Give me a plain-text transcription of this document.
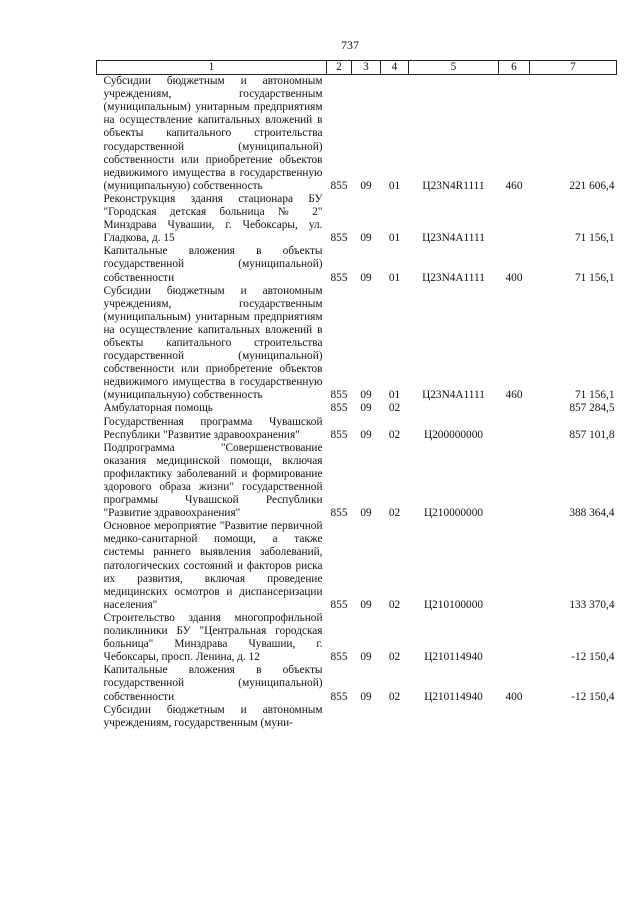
737
1	2	3	4	5	6	7
Субсидии бюджетным и автономным учреждениям, государственным (муниципальным) унитарным предприятиям на осуществление капитальных вложений в объекты капитального строительства государственной (муниципальной) собственности или приобретение объектов недвижимого имущества в государственную (муниципальную) собственность	855	09	01	Ц23N4R1111	460	221 606,4
Реконструкция здания стационара БУ "Городская детская больница № 2" Минздрава Чувашии, г. Чебоксары, ул. Гладкова, д. 15	855	09	01	Ц23N4A1111		71 156,1
Капитальные вложения в объекты государственной (муниципальной) собственности	855	09	01	Ц23N4A1111	400	71 156,1
Субсидии бюджетным и автономным учреждениям, государственным (муниципальным) унитарным предприятиям на осуществление капитальных вложений в объекты капитального строительства государственной (муниципальной) собственности или приобретение объектов недвижимого имущества в государственную (муниципальную) собственность	855	09	01	Ц23N4A1111	460	71 156,1
Амбулаторная помощь	855	09	02			857 284,5
Государственная программа Чувашской Республики "Развитие здравоохранения"	855	09	02	Ц200000000		857 101,8
Подпрограмма "Совершенствование оказания медицинской помощи, включая профилактику заболеваний и формирование здорового образа жизни" государственной программы Чувашской Республики "Развитие здравоохранения"	855	09	02	Ц210000000		388 364,4
Основное мероприятие "Развитие первичной медико-санитарной помощи, а также системы раннего выявления заболеваний, патологических состояний и факторов риска их развития, включая проведение медицинских осмотров и диспансеризации населения"	855	09	02	Ц210100000		133 370,4
Строительство здания многопрофильной поликлиники БУ "Центральная городская больница" Минздрава Чувашии, г. Чебоксары, просп. Ленина, д. 12	855	09	02	Ц210114940		-12 150,4
Капитальные вложения в объекты государственной (муниципальной) собственности	855	09	02	Ц210114940	400	-12 150,4
Субсидии бюджетным и автономным учреждениям, государственным (муни-						
